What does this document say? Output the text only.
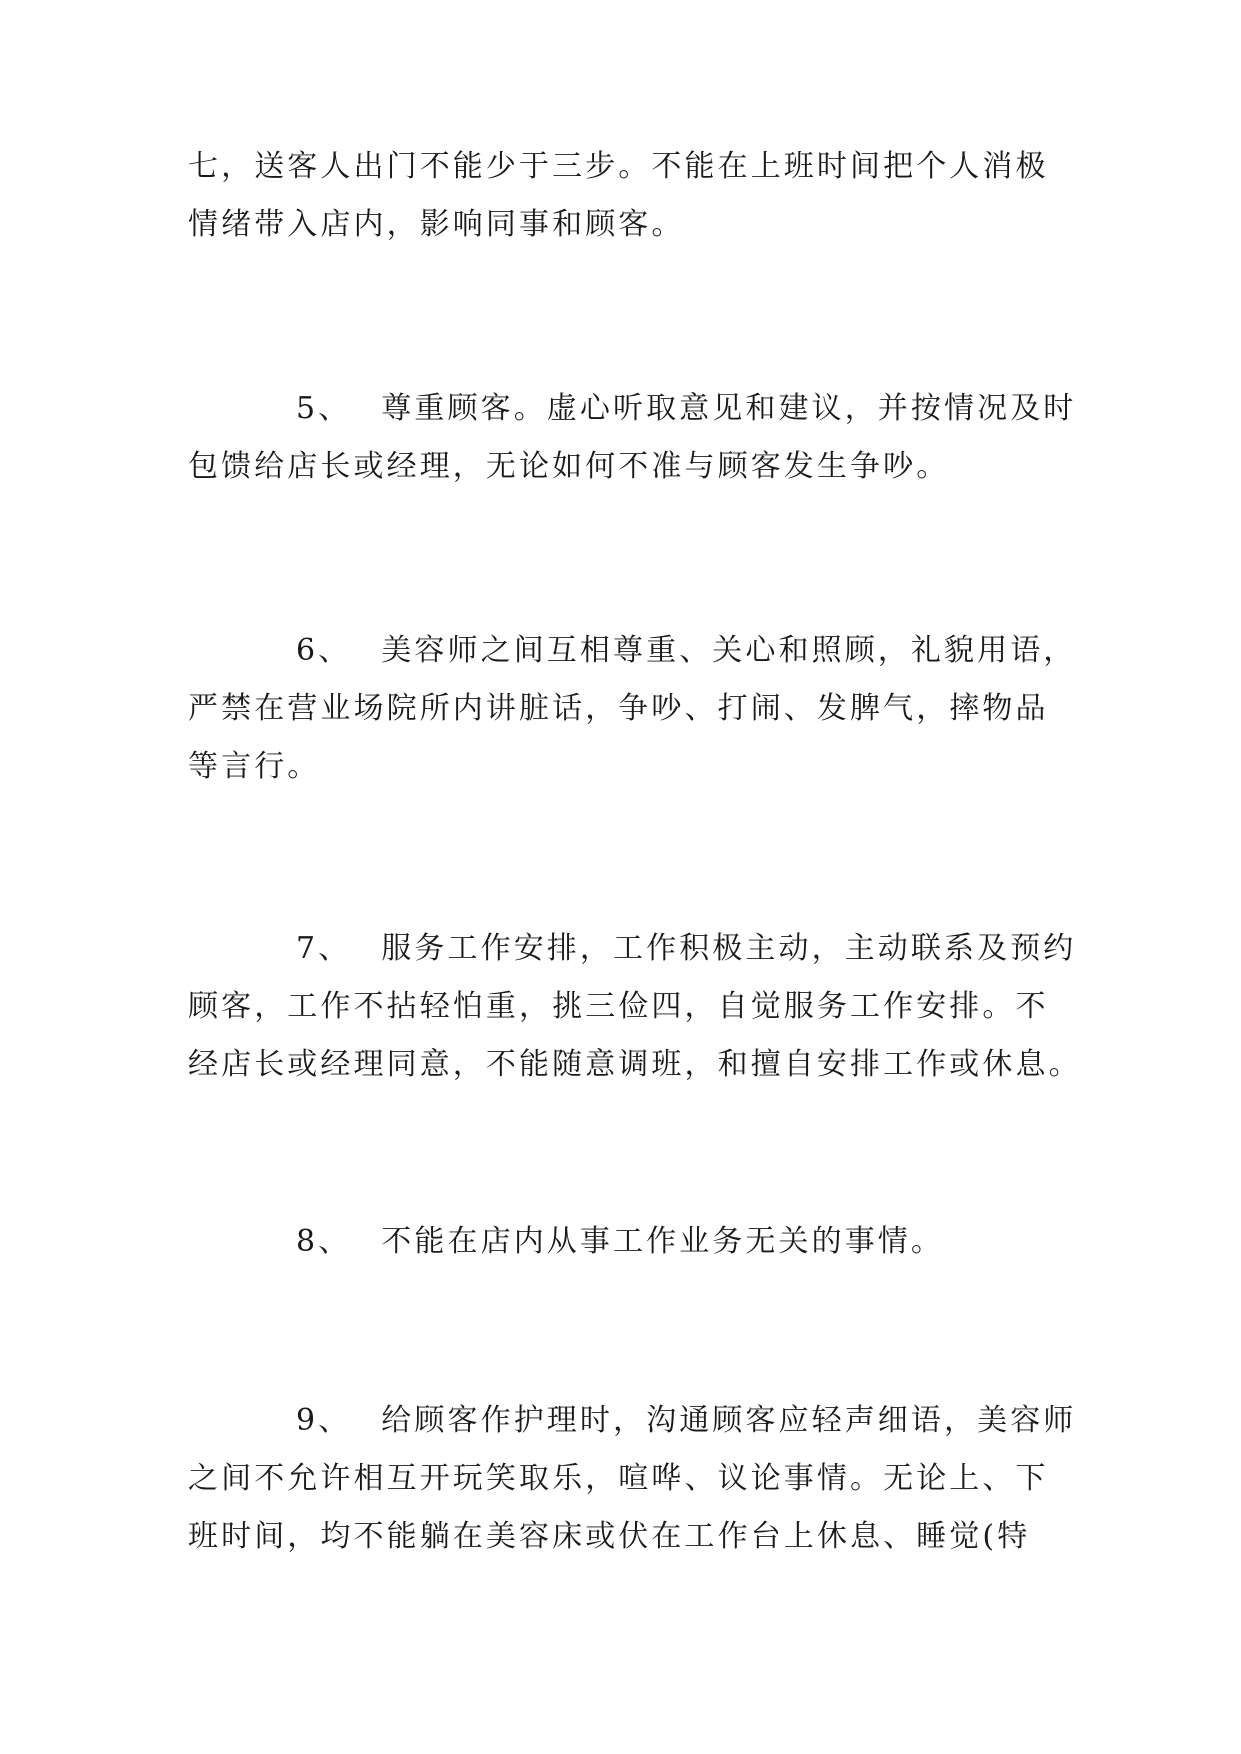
七，送客人出门不能少于三步。不能在上班时间把个人消极
情绪带入店内，影响同事和顾客。
5、 尊重顾客。虚心听取意见和建议，并按情况及时
包馈给店长或经理，无论如何不准与顾客发生争吵。
6、 美容师之间互相尊重、关心和照顾，礼貌用语，
严禁在营业场院所内讲脏话，争吵、打闹、发脾气，摔物品
等言行。
7、 服务工作安排，工作积极主动，主动联系及预约
顾客，工作不拈轻怕重，挑三俭四，自觉服务工作安排。不
经店长或经理同意，不能随意调班，和擅自安排工作或休息。
8、 不能在店内从事工作业务无关的事情。
9、 给顾客作护理时，沟通顾客应轻声细语，美容师
之间不允许相互开玩笑取乐，喧哗、议论事情。无论上、下
班时间，均不能躺在美容床或伏在工作台上休息、睡觉(特
